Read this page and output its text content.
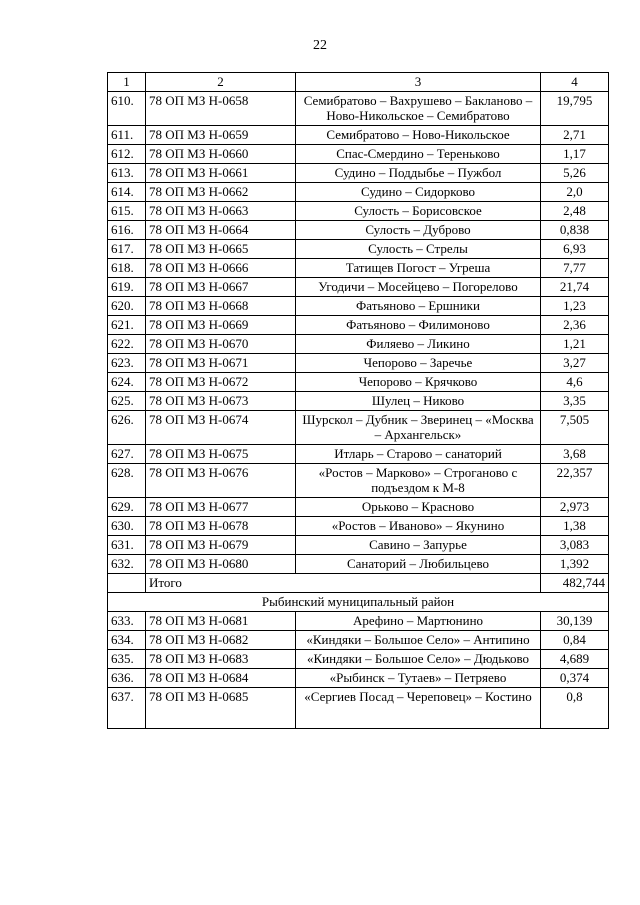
22
1	2	3	4
610.	78 ОП МЗ Н-0658	Семибратово – Вахрушево – Бакланово – Ново-Никольское – Семибратово	19,795
611.	78 ОП МЗ Н-0659	Семибратово – Ново-Никольское	2,71
612.	78 ОП МЗ Н-0660	Спас-Смердино – Тереньково	1,17
613.	78 ОП МЗ Н-0661	Судино – Поддыбье – Пужбол	5,26
614.	78 ОП МЗ Н-0662	Судино – Сидорково	2,0
615.	78 ОП МЗ Н-0663	Сулость – Борисовское	2,48
616.	78 ОП МЗ Н-0664	Сулость – Дуброво	0,838
617.	78 ОП МЗ Н-0665	Сулость – Стрелы	6,93
618.	78 ОП МЗ Н-0666	Татищев Погост – Угреша	7,77
619.	78 ОП МЗ Н-0667	Угодичи – Мосейцево – Погорелово	21,74
620.	78 ОП МЗ Н-0668	Фатьяново – Ершники	1,23
621.	78 ОП МЗ Н-0669	Фатьяново – Филимоново	2,36
622.	78 ОП МЗ Н-0670	Филяево – Ликино	1,21
623.	78 ОП МЗ Н-0671	Чепорово – Заречье	3,27
624.	78 ОП МЗ Н-0672	Чепорово – Крячково	4,6
625.	78 ОП МЗ Н-0673	Шулец – Никово	3,35
626.	78 ОП МЗ Н-0674	Шурскол – Дубник – Зверинец – «Москва – Архангельск»	7,505
627.	78 ОП МЗ Н-0675	Итларь – Старово – санаторий	3,68
628.	78 ОП МЗ Н-0676	«Ростов – Марково» – Строганово с подъездом к М-8	22,357
629.	78 ОП МЗ Н-0677	Орьково – Красново	2,973
630.	78 ОП МЗ Н-0678	«Ростов – Иваново» – Якунино	1,38
631.	78 ОП МЗ Н-0679	Савино – Запурье	3,083
632.	78 ОП МЗ Н-0680	Санаторий – Любильцево	1,392
	Итого		482,744
Рыбинский муниципальный район			
633.	78 ОП МЗ Н-0681	Арефино – Мартюнино	30,139
634.	78 ОП МЗ Н-0682	«Киндяки – Большое Село» – Антипино	0,84
635.	78 ОП МЗ Н-0683	«Киндяки – Большое Село» – Дюдьково	4,689
636.	78 ОП МЗ Н-0684	«Рыбинск – Тутаев» – Петряево	0,374
637.	78 ОП МЗ Н-0685	«Сергиев Посад – Череповец» – Костино	0,8
